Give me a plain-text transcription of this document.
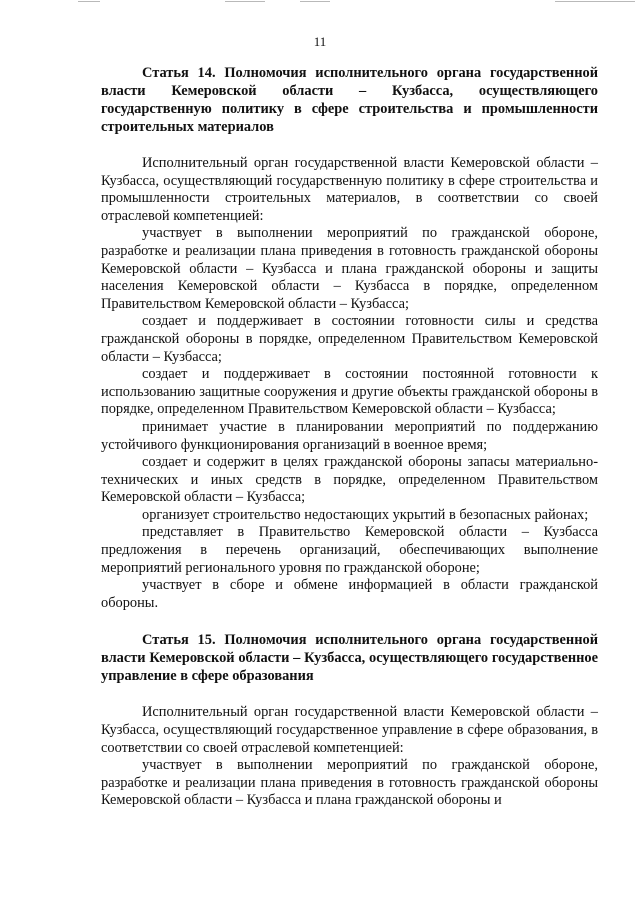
11

Статья 14. Полномочия исполнительного органа государственной власти Кемеровской области – Кузбасса, осуществляющего государственную политику в сфере строительства и промышленности строительных материалов

Исполнительный орган государственной власти Кемеровской области – Кузбасса, осуществляющий государственную политику в сфере строительства и промышленности строительных материалов, в соответствии со своей отраслевой компетенцией:

участвует в выполнении мероприятий по гражданской обороне, разработке и реализации плана приведения в готовность гражданской обороны Кемеровской области – Кузбасса и плана гражданской обороны и защиты населения Кемеровской области – Кузбасса в порядке, определенном Правительством Кемеровской области – Кузбасса;

создает и поддерживает в состоянии готовности силы и средства гражданской обороны в порядке, определенном Правительством Кемеровской области – Кузбасса;

создает и поддерживает в состоянии постоянной готовности к использованию защитные сооружения и другие объекты гражданской обороны в порядке, определенном Правительством Кемеровской области – Кузбасса;

принимает участие в планировании мероприятий по поддержанию устойчивого функционирования организаций в военное время;

создает и содержит в целях гражданской обороны запасы материально-технических и иных средств в порядке, определенном Правительством Кемеровской области – Кузбасса;

организует строительство недостающих укрытий в безопасных районах;

представляет в Правительство Кемеровской области – Кузбасса предложения в перечень организаций, обеспечивающих выполнение мероприятий регионального уровня по гражданской обороне;

участвует в сборе и обмене информацией в области гражданской обороны.

Статья 15. Полномочия исполнительного органа государственной власти Кемеровской области – Кузбасса, осуществляющего государственное управление в сфере образования

Исполнительный орган государственной власти Кемеровской области – Кузбасса, осуществляющий государственное управление в сфере образования, в соответствии со своей отраслевой компетенцией:

участвует в выполнении мероприятий по гражданской обороне, разработке и реализации плана приведения в готовность гражданской обороны Кемеровской области – Кузбасса и плана гражданской обороны и
